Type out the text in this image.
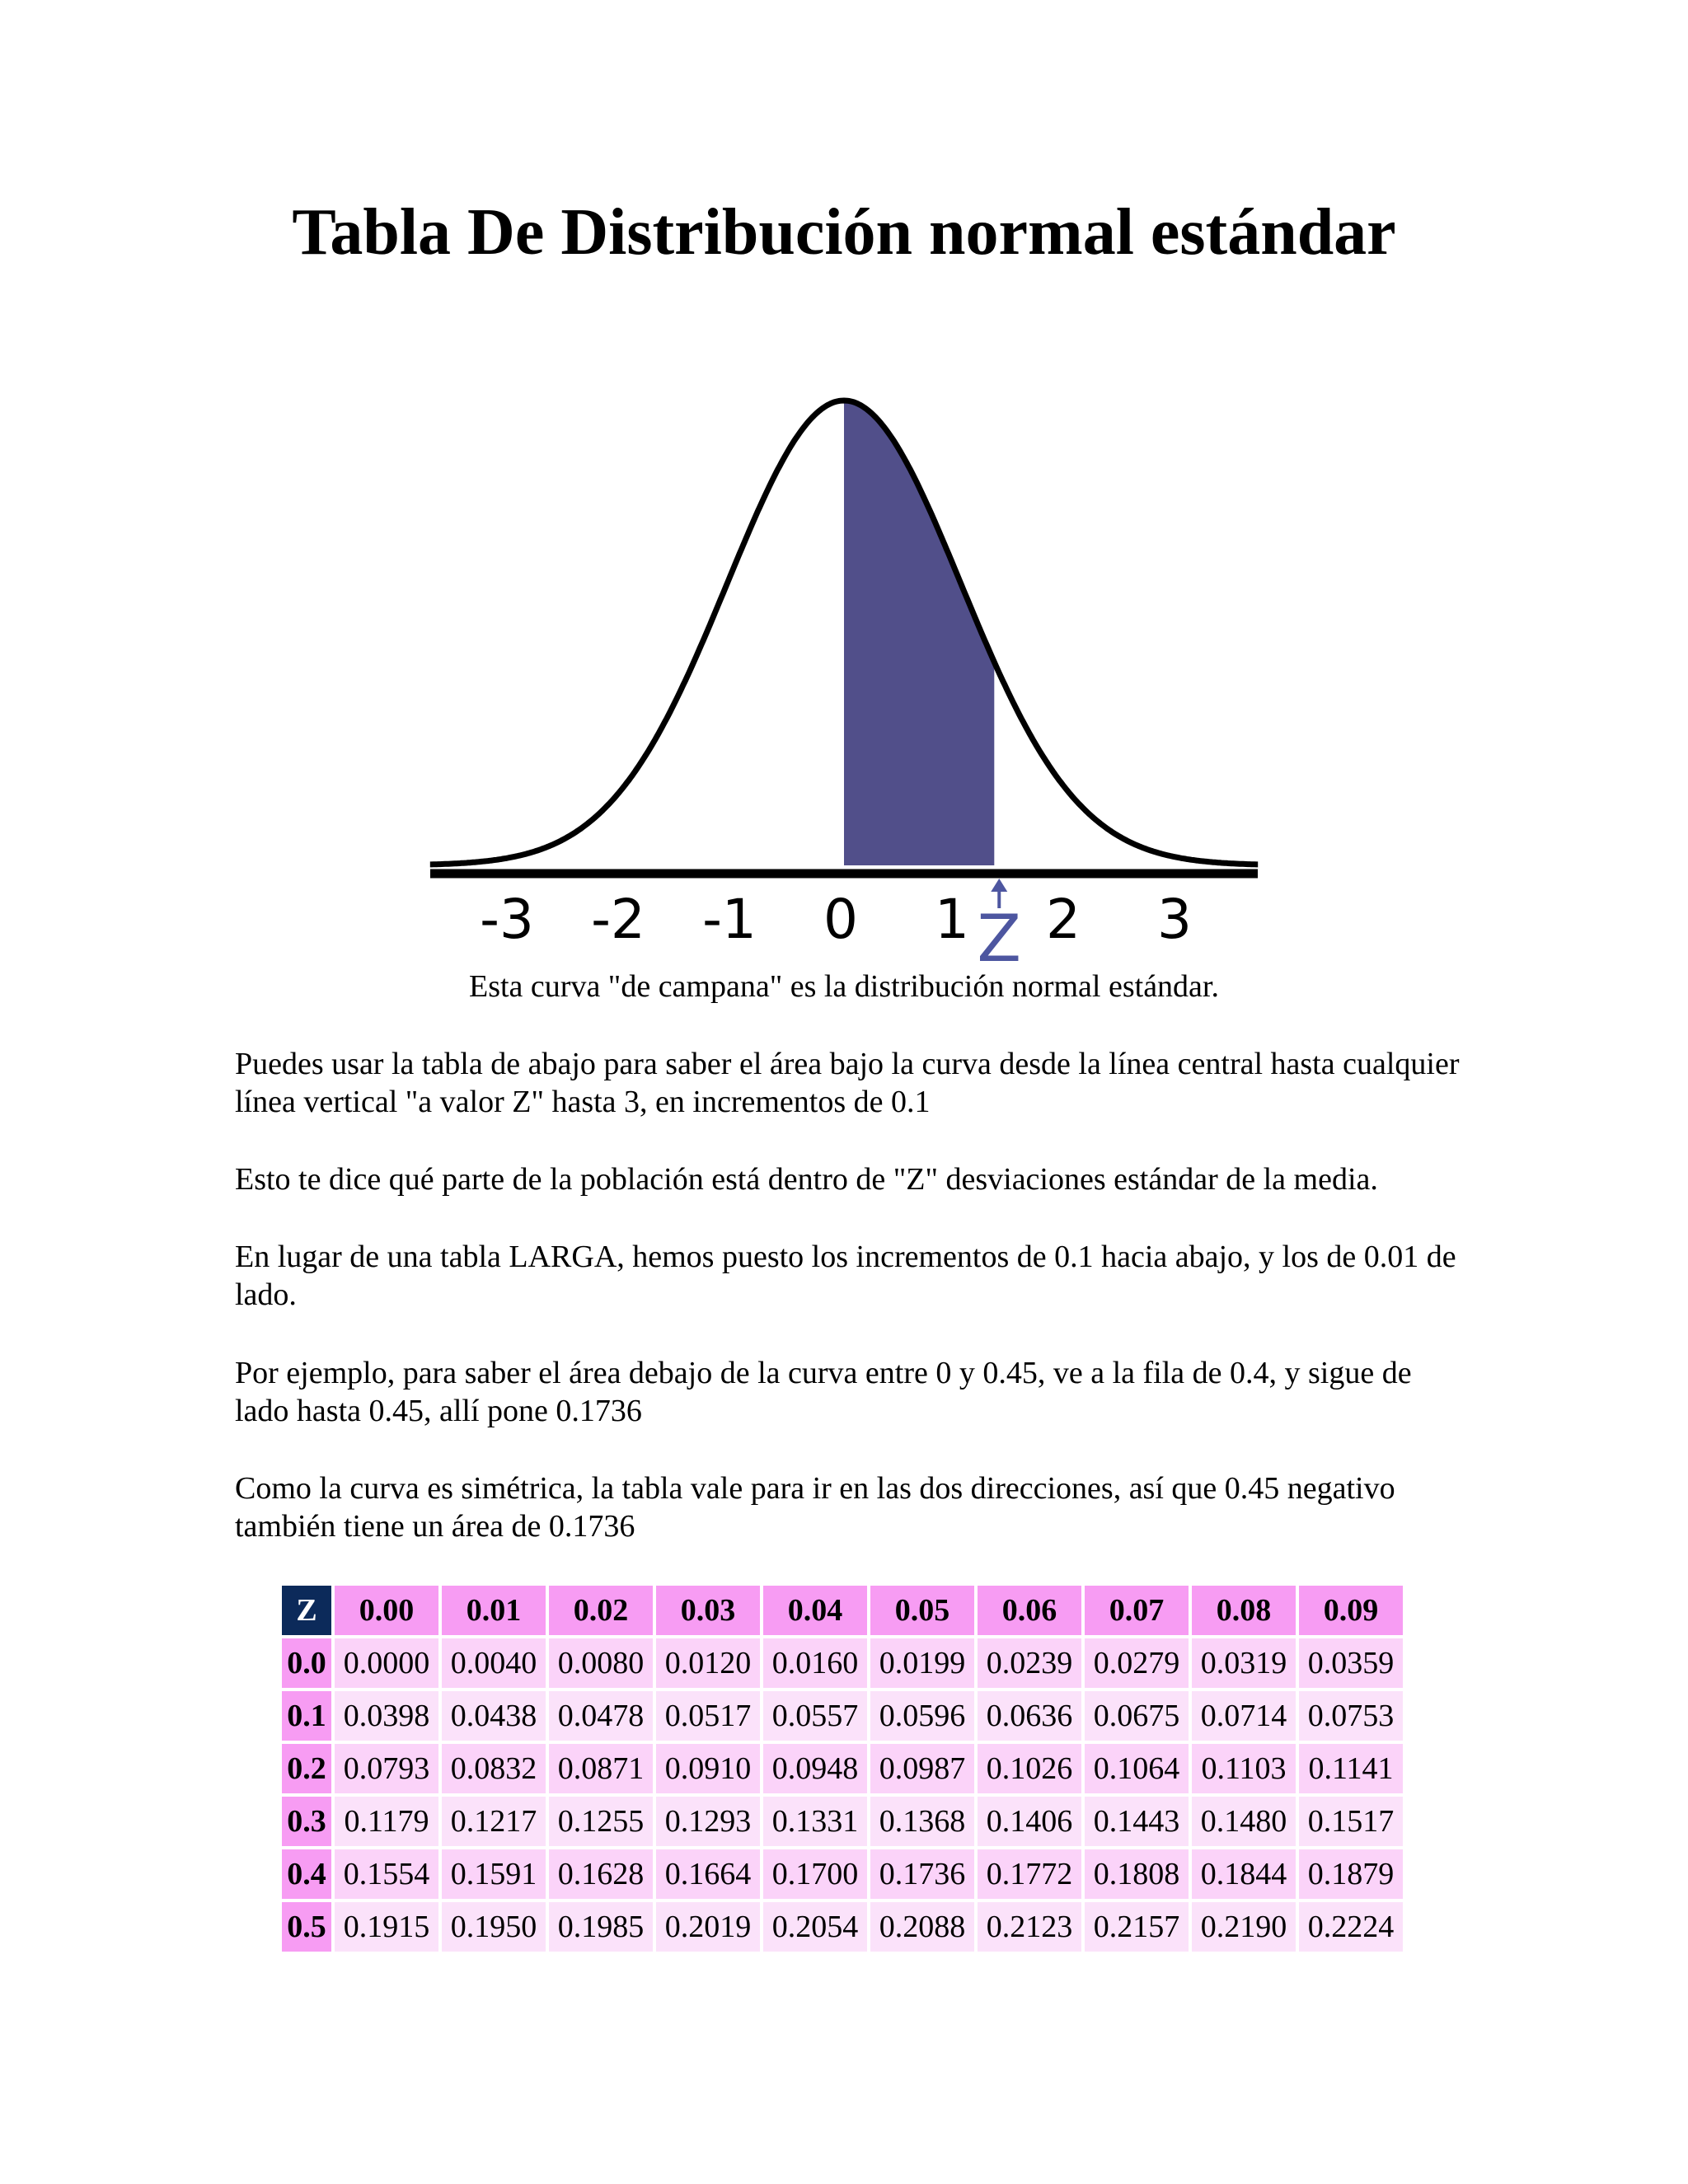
Tabla De Distribución normal estándar
-3 -2 -1 0 1 2 3
Z
Esta curva "de campana" es la distribución normal estándar.

Puedes usar la tabla de abajo para saber el área bajo la curva desde la línea central hasta cualquier línea vertical "a valor Z" hasta 3, en incrementos de 0.1

Esto te dice qué parte de la población está dentro de "Z" desviaciones estándar de la media.

En lugar de una tabla LARGA, hemos puesto los incrementos de 0.1 hacia abajo, y los de 0.01 de lado.

Por ejemplo, para saber el área debajo de la curva entre 0 y 0.45, ve a la fila de 0.4, y sigue de lado hasta 0.45, allí pone 0.1736

Como la curva es simétrica, la tabla vale para ir en las dos direcciones, así que 0.45 negativo también tiene un área de 0.1736

Z	0.00	0.01	0.02	0.03	0.04	0.05	0.06	0.07	0.08	0.09
0.0	0.0000	0.0040	0.0080	0.0120	0.0160	0.0199	0.0239	0.0279	0.0319	0.0359
0.1	0.0398	0.0438	0.0478	0.0517	0.0557	0.0596	0.0636	0.0675	0.0714	0.0753
0.2	0.0793	0.0832	0.0871	0.0910	0.0948	0.0987	0.1026	0.1064	0.1103	0.1141
0.3	0.1179	0.1217	0.1255	0.1293	0.1331	0.1368	0.1406	0.1443	0.1480	0.1517
0.4	0.1554	0.1591	0.1628	0.1664	0.1700	0.1736	0.1772	0.1808	0.1844	0.1879
0.5	0.1915	0.1950	0.1985	0.2019	0.2054	0.2088	0.2123	0.2157	0.2190	0.2224
